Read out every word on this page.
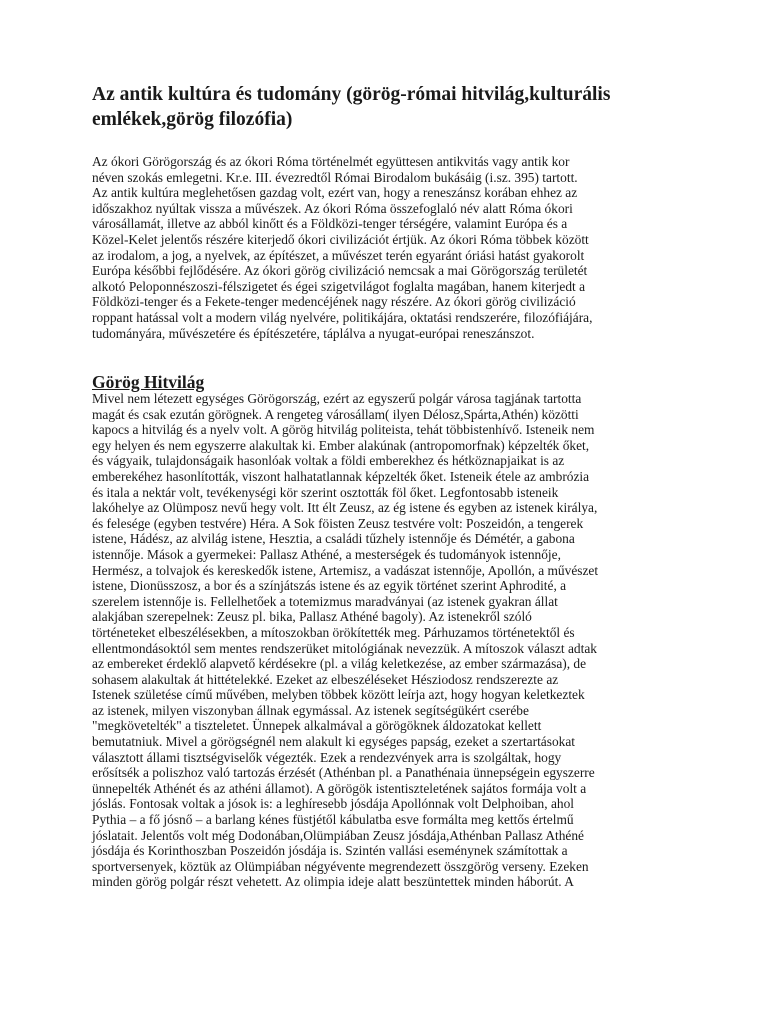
Az antik kultúra és tudomány (görög-római hitvilág,kulturális
emlékek,görög filozófia)
Az ókori Görögország és az ókori Róma történelmét együttesen antikvitás vagy antik kor
néven szokás emlegetni. Kr.e. III. évezredtől Római Birodalom bukásáig (i.sz. 395) tartott.
Az antik kultúra meglehetősen gazdag volt, ezért van, hogy a reneszánsz korában ehhez az
időszakhoz nyúltak vissza a művészek. Az ókori Róma összefoglaló név alatt Róma ókori
városállamát, illetve az abból kinőtt és a Földközi-tenger térségére, valamint Európa és a
Közel-Kelet jelentős részére kiterjedő ókori civilizációt értjük. Az ókori Róma többek között
az irodalom, a jog, a nyelvek, az építészet, a művészet terén egyaránt óriási hatást gyakorolt
Európa későbbi fejlődésére. Az ókori görög civilizáció nemcsak a mai Görögország területét
alkotó Peloponnészoszi-félszigetet és égei szigetvilágot foglalta magában, hanem kiterjedt a
Földközi-tenger és a Fekete-tenger medencéjének nagy részére. Az ókori görög civilizáció
roppant hatással volt a modern világ nyelvére, politikájára, oktatási rendszerére, filozófiájára,
tudományára, művészetére és építészetére, táplálva a nyugat-európai reneszánszot.
Görög Hitvilág
Mivel nem létezett egységes Görögország, ezért az egyszerű polgár városa tagjának tartotta
magát és csak ezután görögnek. A rengeteg városállam( ilyen Délosz,Spárta,Athén) közötti
kapocs a hitvilág és a nyelv volt. A görög hitvilág politeista, tehát többistenhívő. Isteneik nem
egy helyen és nem egyszerre alakultak ki. Ember alakúnak (antropomorfnak) képzelték őket,
és vágyaik, tulajdonságaik hasonlóak voltak a földi emberekhez és hétköznapjaikat is az
emberekéhez hasonlították, viszont halhatatlannak képzelték őket. Isteneik étele az ambrózia
és itala a nektár volt, tevékenységi kör szerint osztották föl őket. Legfontosabb isteneik
lakóhelye az Olümposz nevű hegy volt. Itt élt Zeusz, az ég istene és egyben az istenek királya,
és felesége (egyben testvére) Héra. A Sok föisten Zeusz testvére volt: Poszeidón, a tengerek
istene, Hádész, az alvilág istene, Hesztia, a családi tűzhely istennője és Démétér, a gabona
istennője. Mások a gyermekei: Pallasz Athéné, a mesterségek és tudományok istennője,
Hermész, a tolvajok és kereskedők istene, Artemisz, a vadászat istennője, Apollón, a művészet
istene, Dionüsszosz, a bor és a színjátszás istene és az egyik történet szerint Aphrodité, a
szerelem istennője is. Fellelhetőek a totemizmus maradványai (az istenek gyakran állat
alakjában szerepelnek: Zeusz pl. bika, Pallasz Athéné bagoly). Az istenekről szóló
történeteket elbeszélésekben, a mítoszokban örökítették meg. Párhuzamos történetektől és
ellentmondásoktól sem mentes rendszerüket mitológiának nevezzük. A mítoszok választ adtak
az embereket érdeklő alapvető kérdésekre (pl. a világ keletkezése, az ember származása), de
sohasem alakultak át hittételekké. Ezeket az elbeszéléseket Hésziodosz rendszerezte az
Istenek születése című művében, melyben többek között leírja azt, hogy hogyan keletkeztek
az istenek, milyen viszonyban állnak egymással. Az istenek segítségükért cserébe
"megkövetelték" a tiszteletet. Ünnepek alkalmával a görögöknek áldozatokat kellett
bemutatniuk. Mivel a görögségnél nem alakult ki egységes papság, ezeket a szertartásokat
választott állami tisztségviselők végezték. Ezek a rendezvények arra is szolgáltak, hogy
erősítsék a poliszhoz való tartozás érzését (Athénban pl. a Panathénaia ünnepségein egyszerre
ünnepelték Athénét és az athéni államot). A görögök istentiszteletének sajátos formája volt a
jóslás. Fontosak voltak a jósok is: a leghíresebb jósdája Apollónnak volt Delphoiban, ahol
Pythia – a fő jósnő – a barlang kénes füstjétől kábulatba esve formálta meg kettős értelmű
jóslatait. Jelentős volt még Dodonában,Olümpiában Zeusz jósdája,Athénban Pallasz Athéné
jósdája és Korinthoszban Poszeidón jósdája is. Szintén vallási eseménynek számítottak a
sportversenyek, köztük az Olümpiában négyévente megrendezett összgörög verseny. Ezeken
minden görög polgár részt vehetett. Az olimpia ideje alatt beszüntettek minden háborút. A
